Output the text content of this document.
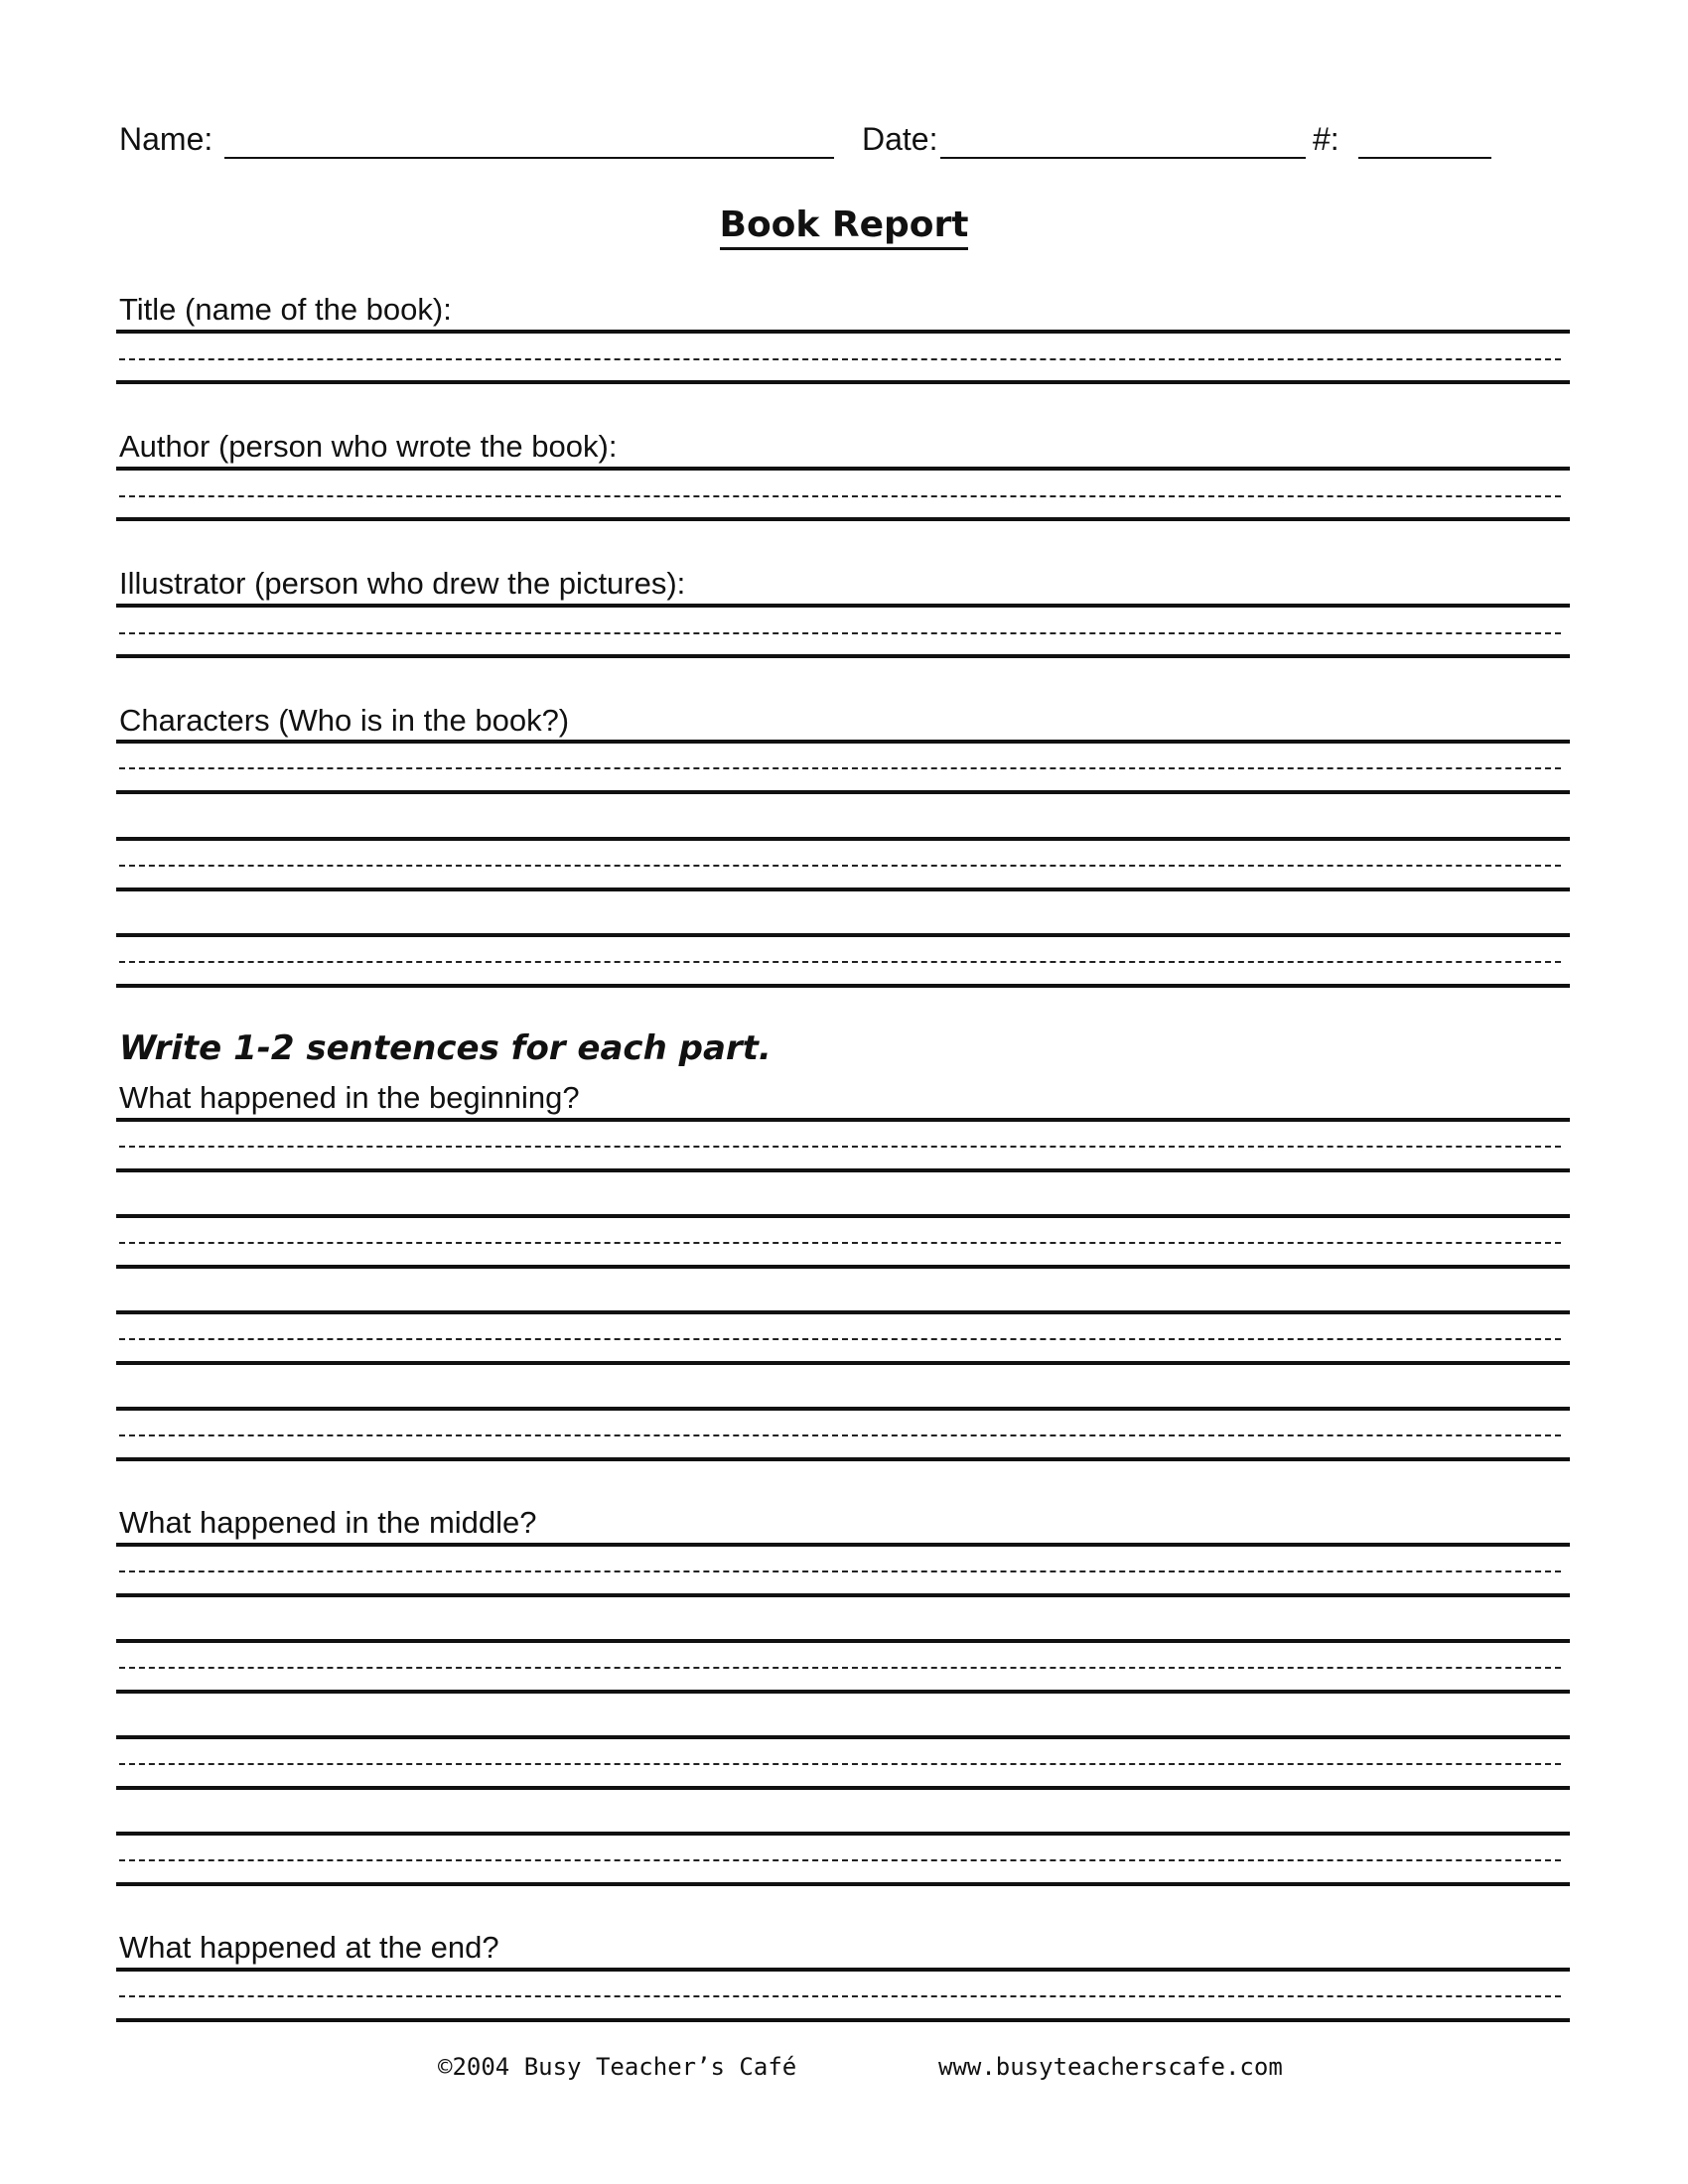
Name:	Date:	#:
Book Report
Title (name of the book):
Author (person who wrote the book):
Illustrator (person who drew the pictures):
Characters (Who is in the book?)
Write 1-2 sentences for each part.
What happened in the beginning?
What happened in the middle?
What happened at the end?
©2004 Busy Teacher’s Café	www.busyteacherscafe.com
